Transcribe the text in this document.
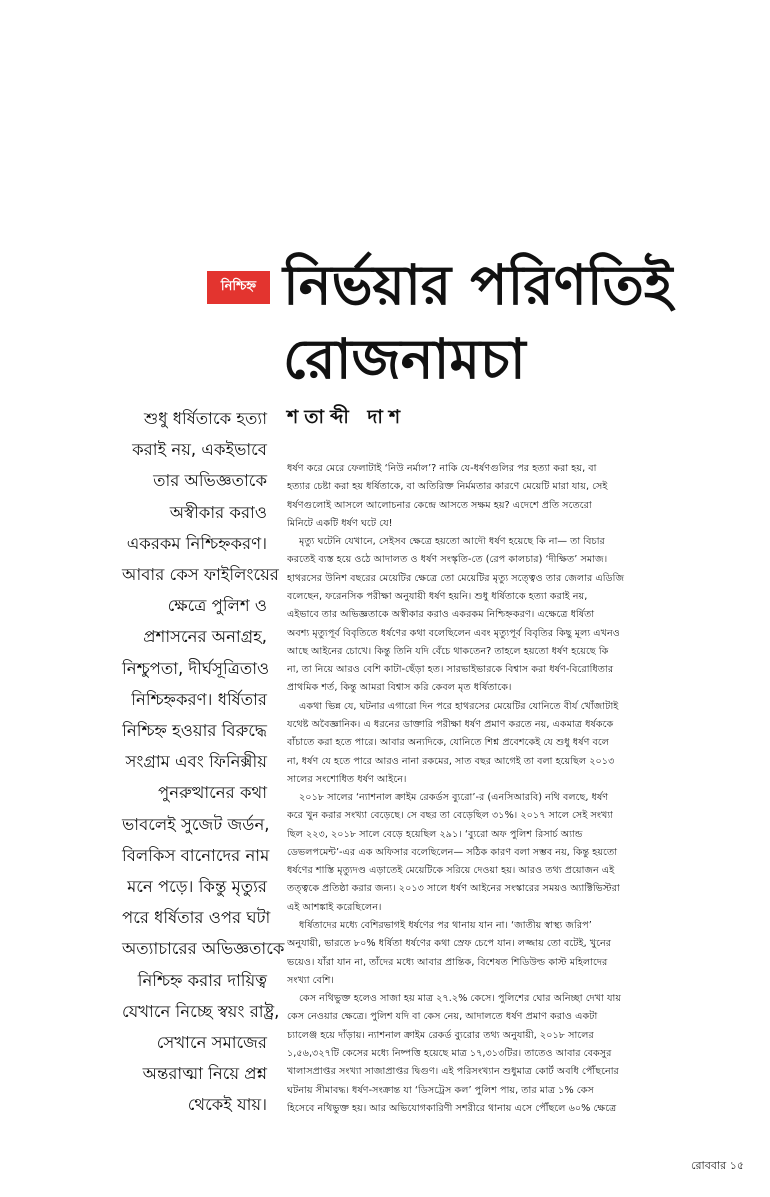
নিশ্চিহ্ন নির্ভয়ার পরিণতিই
রোজনামচা
শতাব্দী দাশ
শুধু ধর্ষিতাকে হত্যা
করাই নয়, একইভাবে
তার অভিজ্ঞতাকে
অস্বীকার করাও
একরকম নিশ্চিহ্নকরণ।
আবার কেস ফাইলিংয়ের
ক্ষেত্রে পুলিশ ও
প্রশাসনের অনাগ্রহ,
নিশ্চুপতা, দীর্ঘসূত্রিতাও
নিশ্চিহ্নকরণ। ধর্ষিতার
নিশ্চিহ্ন হওয়ার বিরুদ্ধে
সংগ্রাম এবং ফিনিক্সীয়
পুনরুত্থানের কথা
ভাবলেই সুজেট জর্ডন,
বিলকিস বানোদের নাম
মনে পড়ে। কিন্তু মৃত্যুর
পরে ধর্ষিতার ওপর ঘটা
অত্যাচারের অভিজ্ঞতাকে
নিশ্চিহ্ন করার দায়িত্ব
যেখানে নিচ্ছে স্বয়ং রাষ্ট্র,
সেখানে সমাজের
অন্তরাত্মা নিয়ে প্রশ্ন
থেকেই যায়।
ধর্ষণ করে মেরে ফেলাটাই ‘নিউ নর্মাল’? নাকি যে-ধর্ষণগুলির পর হত্যা করা হয়, বা
হত্যার চেষ্টা করা হয় ধর্ষিতাকে, বা অতিরিক্ত নির্মমতার কারণে মেয়েটি মারা যায়, সেই
ধর্ষণগুলোই আসলে আলোচনার কেন্দ্রে আসতে সক্ষম হয়? এদেশে প্রতি সতেরো
মিনিটে একটি ধর্ষণ ঘটে যে!
মৃত্যু ঘটেনি যেখানে, সেইসব ক্ষেত্রে হয়তো আদৌ ধর্ষণ হয়েছে কি না— তা বিচার
করতেই ব্যস্ত হয়ে ওঠে আদালত ও ধর্ষণ সংস্কৃতি-তে (রেপ কালচার) ‘দীক্ষিত’ সমাজ।
হাথরসের উনিশ বছরের মেয়েটির ক্ষেত্রে তো মেয়েটির মৃত্যু সত্ত্বেও তার জেলার এডিজি
বলেছেন, ফরেনসিক পরীক্ষা অনুযায়ী ধর্ষণ হয়নি। শুধু ধর্ষিতাকে হত্যা করাই নয়,
এইভাবে তার অভিজ্ঞতাকে অস্বীকার করাও একরকম নিশ্চিহ্নকরণ। এক্ষেত্রে ধর্ষিতা
অবশ্য মৃত্যুপূর্ব বিবৃতিতে ধর্ষণের কথা বলেছিলেন এবং মৃত্যুপূর্ব বিবৃতির কিছু মূল্য এখনও
আছে আইনের চোখে। কিন্তু তিনি যদি বেঁচে থাকতেন? তাহলে হয়তো ধর্ষণ হয়েছে কি
না, তা নিয়ে আরও বেশি কাটা-ছেঁড়া হত। সারভাইভারকে বিশ্বাস করা ধর্ষণ-বিরোধিতার
প্রাথমিক শর্ত, কিন্তু আমরা বিশ্বাস করি কেবল মৃত ধর্ষিতাকে।
একথা ভিন্ন যে, ঘটনার এগারো দিন পরে হাথরসের মেয়েটির যোনিতে বীর্য খোঁজাটাই
যথেষ্ট অবৈজ্ঞানিক। এ ধরনের ডাক্তারি পরীক্ষা ধর্ষণ প্রমাণ করতে নয়, একমাত্র ধর্ষককে
বাঁচাতে করা হতে পারে। আবার অন্যদিকে, যোনিতে শিশ্ন প্রবেশকেই যে শুধু ধর্ষণ বলে
না, ধর্ষণ যে হতে পারে আরও নানা রকমের, সাত বছর আগেই তা বলা হয়েছিল ২০১৩
সালের সংশোধিত ধর্ষণ আইনে।
২০১৮ সালের ‘ন্যাশনাল ক্রাইম রেকর্ডস ব্যুরো’-র (এনসিআরবি) নথি বলছে, ধর্ষণ
করে খুন করার সংখ্যা বেড়েছে। সে বছর তা বেড়েছিল ৩১%। ২০১৭ সালে সেই সংখ্যা
ছিল ২২৩, ২০১৮ সালে বেড়ে হয়েছিল ২৯১। ‘ব্যুরো অফ পুলিশ রিসার্চ অ্যান্ড
ডেভলপমেন্ট’-এর এক অফিসার বলেছিলেন— সঠিক কারণ বলা সম্ভব নয়, কিন্তু হয়তো
ধর্ষণের শাস্তি মৃত্যুদণ্ড এড়াতেই মেয়েটিকে সরিয়ে দেওয়া হয়। আরও তথ্য প্রয়োজন এই
তত্ত্বকে প্রতিষ্ঠা করার জন্য। ২০১৩ সালে ধর্ষণ আইনের সংস্কারের সময়ও অ্যাক্টিভিস্টরা
এই আশঙ্কাই করেছিলেন।
ধর্ষিতাদের মধ্যে বেশিরভাগই ধর্ষণের পর থানায় যান না। ‘জাতীয় স্বাস্থ্য জরিপ’
অনুযায়ী, ভারতে ৮০% ধর্ষিতা ধর্ষণের কথা স্রেফ চেপে যান। লজ্জায় তো বটেই, খুনের
ভয়েও। যাঁরা যান না, তাঁদের মধ্যে আবার প্রান্তিক, বিশেষত শিডিউল্ড কাস্ট মহিলাদের
সংখ্যা বেশি।
কেস নথিভুক্ত হলেও সাজা হয় মাত্র ২৭.২% কেসে। পুলিশের ঘোর অনিচ্ছা দেখা যায়
কেস নেওয়ার ক্ষেত্রে। পুলিশ যদি বা কেস নেয়, আদালতে ধর্ষণ প্রমাণ করাও একটা
চ্যালেঞ্জ হয়ে দাঁড়ায়। ন্যাশনাল ক্রাইম রেকর্ড ব্যুরোর তথ্য অনুযায়ী, ২০১৮ সালের
১,৫৬,৩২৭টি কেসের মধ্যে নিষ্পত্তি হয়েছে মাত্র ১৭,৩১৩টির। তাতেও আবার বেকসুর
খালাসপ্রাপ্তর সংখ্যা সাজাপ্রাপ্তর দ্বিগুণ। এই পরিসংখ্যান শুধুমাত্র কোর্ট অবধি পৌঁছনোর
ঘটনায় সীমাবদ্ধ। ধর্ষণ-সংক্রান্ত যা ‘ডিসট্রেস কল’ পুলিশ পায়, তার মাত্র ১% কেস
হিসেবে নথিভুক্ত হয়। আর অভিযোগকারিণী সশরীরে থানায় এসে পৌঁছলে ৬০% ক্ষেত্রে
রোববার ১৫
